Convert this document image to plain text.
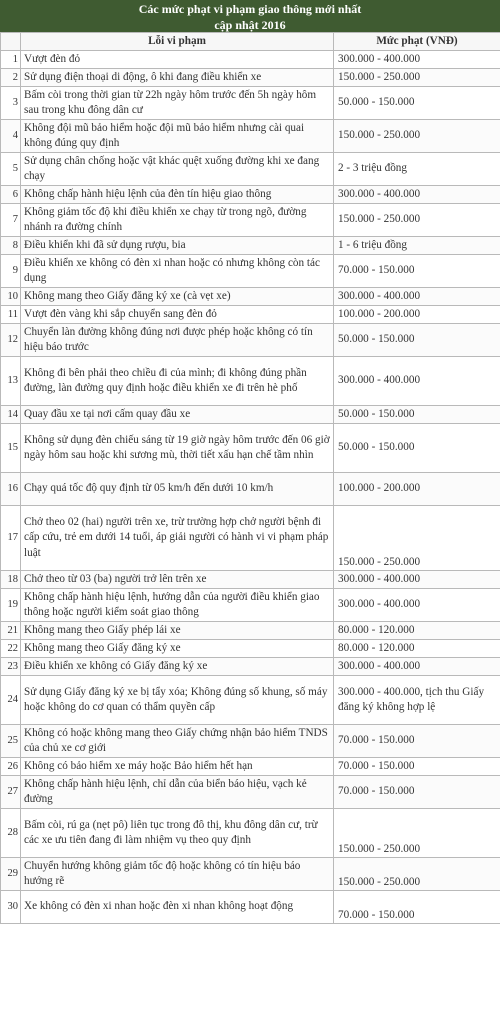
Các mức phạt vi phạm giao thông mới nhất
cập nhật 2016
	Lỗi vi phạm	Mức phạt (VNĐ)
1	Vượt đèn đỏ	300.000 - 400.000
2	Sử dụng điện thoại di động, ô khi đang điều khiển xe	150.000 - 250.000
3	Bấm còi trong thời gian từ 22h ngày hôm trước đến 5h ngày hôm sau trong khu đông dân cư	50.000 - 150.000
4	Không đội mũ bảo hiểm hoặc đội mũ bảo hiểm nhưng cài quai không đúng quy định	150.000 - 250.000
5	Sử dụng chân chống hoặc vật khác quệt xuống đường khi xe đang chạy	2 - 3 triệu đồng
6	Không chấp hành hiệu lệnh của đèn tín hiệu giao thông	300.000 - 400.000
7	Không giảm tốc độ khi điều khiển xe chạy từ trong ngõ, đường nhánh ra đường chính	150.000 - 250.000
8	Điều khiển khi đã sử dụng rượu, bia	1 - 6 triệu đồng
9	Điều khiển xe không có đèn xi nhan hoặc có nhưng không còn tác dụng	70.000 - 150.000
10	Không mang theo Giấy đăng ký xe (cà vẹt xe)	300.000 - 400.000
11	Vượt đèn vàng khi sắp chuyển sang đèn đỏ	100.000 - 200.000
12	Chuyển làn đường không đúng nơi được phép hoặc không có tín hiệu báo trước	50.000 - 150.000
13	Không đi bên phải theo chiều đi của mình; đi không đúng phần đường, làn đường quy định hoặc điều khiển xe đi trên hè phố	300.000 - 400.000
14	Quay đầu xe tại nơi cấm quay đầu xe	50.000 - 150.000
15	Không sử dụng đèn chiếu sáng từ 19 giờ ngày hôm trước đến 06 giờ ngày hôm sau hoặc khi sương mù, thời tiết xấu hạn chế tầm nhìn	50.000 - 150.000
16	Chạy quá tốc độ quy định từ 05 km/h đến dưới 10 km/h	100.000 - 200.000
17	Chở theo 02 (hai) người trên xe, trừ trường hợp chở người bệnh đi cấp cứu, trẻ em dưới 14 tuổi, áp giải người có hành vi vi phạm pháp luật	150.000 - 250.000
18	Chở theo từ 03 (ba) người trở lên trên xe	300.000 - 400.000
19	Không chấp hành hiệu lệnh, hướng dẫn của người điều khiển giao thông hoặc người kiểm soát giao thông	300.000 - 400.000
21	Không mang theo Giấy phép lái xe	80.000 - 120.000
22	Không mang theo Giấy đăng ký xe	80.000 - 120.000
23	Điều khiển xe không có Giấy đăng ký xe	300.000 - 400.000
24	Sử dụng Giấy đăng ký xe bị tẩy xóa; Không đúng số khung, số máy hoặc không do cơ quan có thẩm quyền cấp	300.000 - 400.000, tịch thu Giấy đăng ký không hợp lệ
25	Không có hoặc không mang theo Giấy chứng nhận bảo hiểm TNDS của chủ xe cơ giới	70.000 - 150.000
26	Không có bảo hiểm xe máy hoặc Bảo hiểm hết hạn	70.000 - 150.000
27	Không chấp hành hiệu lệnh, chỉ dẫn của biển báo hiệu, vạch kẻ đường	70.000 - 150.000
28	Bấm còi, rú ga (nẹt pô) liên tục trong đô thị, khu đông dân cư, trừ các xe ưu tiên đang đi làm nhiệm vụ theo quy định	150.000 - 250.000
29	Chuyển hướng không giảm tốc độ hoặc không có tín hiệu báo hướng rẽ	150.000 - 250.000
30	Xe không có đèn xi nhan hoặc đèn xi nhan không hoạt động	70.000 - 150.000
